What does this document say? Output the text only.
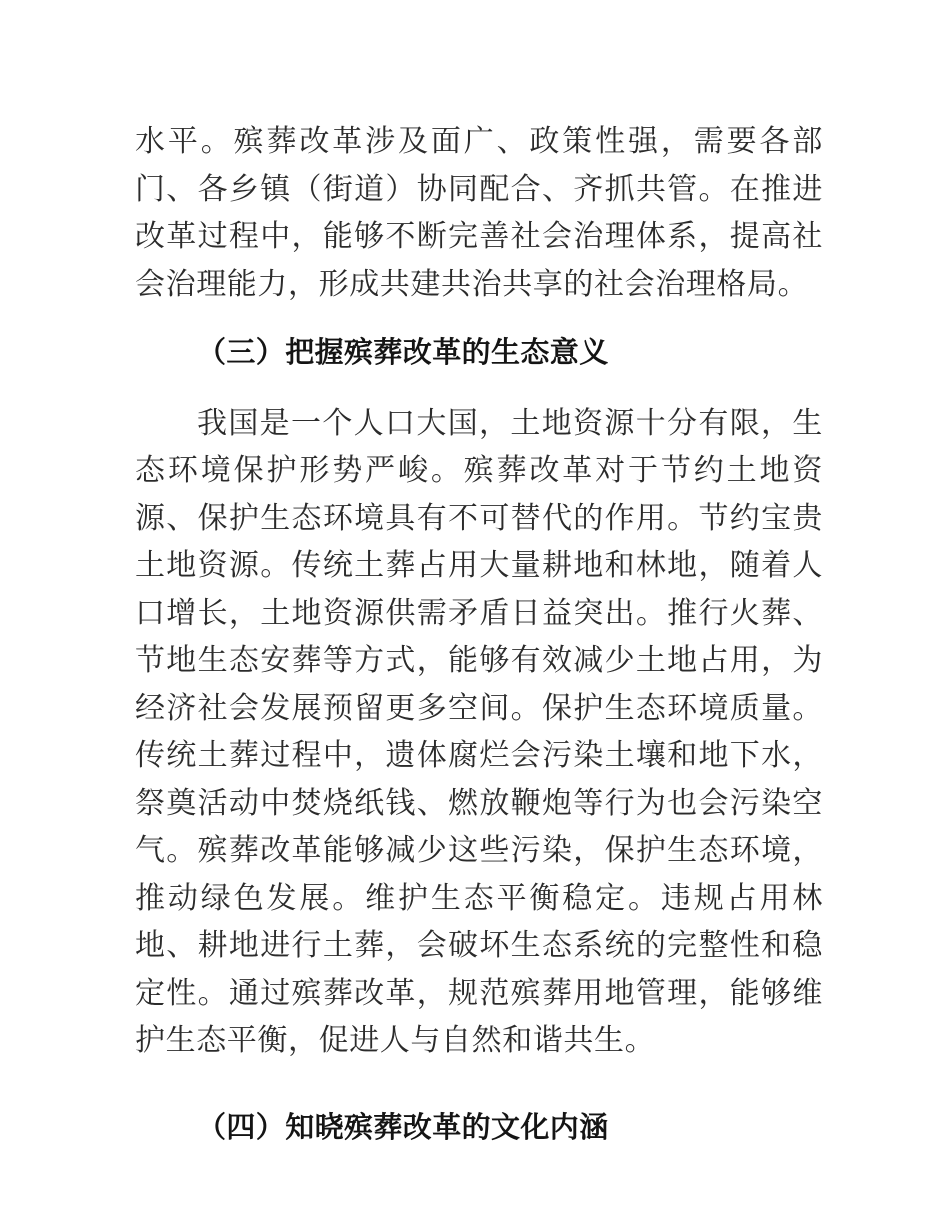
水平。殡葬改革涉及面广、政策性强，需要各部门、各乡镇（街道）协同配合、齐抓共管。在推进改革过程中，能够不断完善社会治理体系，提高社会治理能力，形成共建共治共享的社会治理格局。

（三）把握殡葬改革的生态意义

我国是一个人口大国，土地资源十分有限，生态环境保护形势严峻。殡葬改革对于节约土地资源、保护生态环境具有不可替代的作用。节约宝贵土地资源。传统土葬占用大量耕地和林地，随着人口增长，土地资源供需矛盾日益突出。推行火葬、节地生态安葬等方式，能够有效减少土地占用，为经济社会发展预留更多空间。保护生态环境质量。传统土葬过程中，遗体腐烂会污染土壤和地下水，祭奠活动中焚烧纸钱、燃放鞭炮等行为也会污染空气。殡葬改革能够减少这些污染，保护生态环境，推动绿色发展。维护生态平衡稳定。违规占用林地、耕地进行土葬，会破坏生态系统的完整性和稳定性。通过殡葬改革，规范殡葬用地管理，能够维护生态平衡，促进人与自然和谐共生。

（四）知晓殡葬改革的文化内涵
